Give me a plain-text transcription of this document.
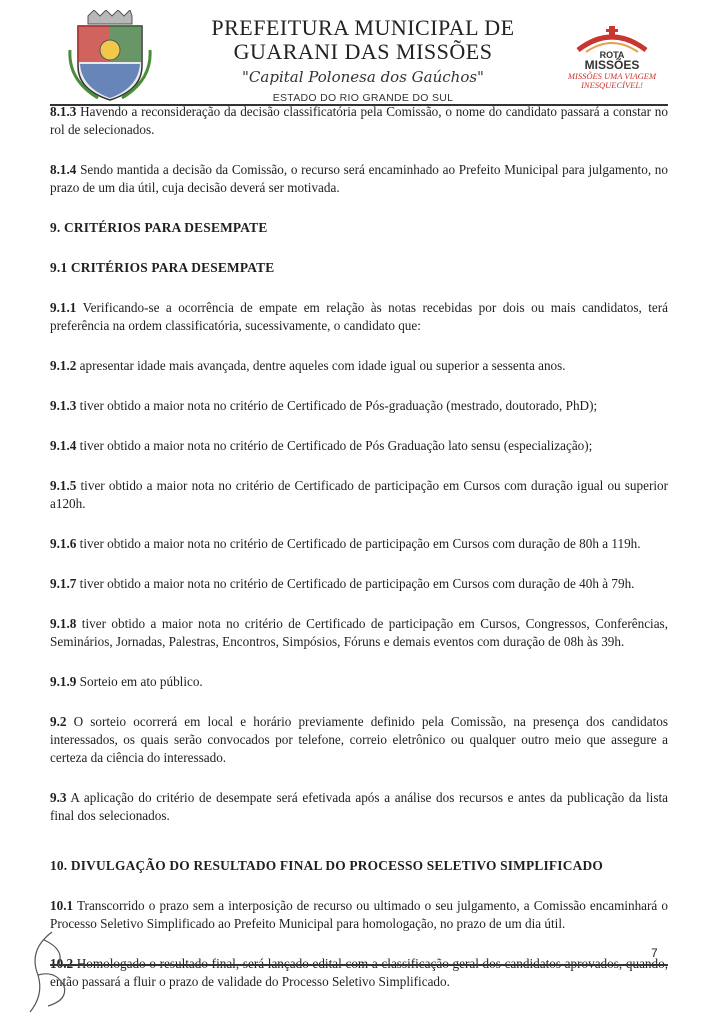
PREFEITURA MUNICIPAL DE
GUARANI DAS MISSÕES
"Capital Polonesa dos Gaúchos"
ESTADO DO RIO GRANDE DO SUL
ROTA
MISSÕES
MISSÕES UMA VIAGEM
INESQUECÍVEL!

8.1.3 Havendo a reconsideração da decisão classificatória pela Comissão, o nome do candidato passará a constar no rol de selecionados.

8.1.4 Sendo mantida a decisão da Comissão, o recurso será encaminhado ao Prefeito Municipal para julgamento, no prazo de um dia útil, cuja decisão deverá ser motivada.

9. CRITÉRIOS PARA DESEMPATE
9.1 CRITÉRIOS PARA DESEMPATE

9.1.1 Verificando-se a ocorrência de empate em relação às notas recebidas por dois ou mais candidatos, terá preferência na ordem classificatória, sucessivamente, o candidato que:

9.1.2 apresentar idade mais avançada, dentre aqueles com idade igual ou superior a sessenta anos.

9.1.3 tiver obtido a maior nota no critério de Certificado de Pós-graduação (mestrado, doutorado, PhD);

9.1.4 tiver obtido a maior nota no critério de Certificado de Pós Graduação lato sensu (especialização);

9.1.5 tiver obtido a maior nota no critério de Certificado de participação em Cursos com duração igual ou superior a120h.

9.1.6 tiver obtido a maior nota no critério de Certificado de participação em Cursos com duração de 80h a 119h.

9.1.7 tiver obtido a maior nota no critério de Certificado de participação em Cursos com duração de 40h à 79h.

9.1.8 tiver obtido a maior nota no critério de Certificado de participação em Cursos, Congressos, Conferências, Seminários, Jornadas, Palestras, Encontros, Simpósios, Fóruns e demais eventos com duração de 08h às 39h.

9.1.9 Sorteio em ato público.

9.2 O sorteio ocorrerá em local e horário previamente definido pela Comissão, na presença dos candidatos interessados, os quais serão convocados por telefone, correio eletrônico ou qualquer outro meio que assegure a certeza da ciência do interessado.

9.3 A aplicação do critério de desempate será efetivada após a análise dos recursos e antes da publicação da lista final dos selecionados.

10. DIVULGAÇÃO DO RESULTADO FINAL DO PROCESSO SELETIVO SIMPLIFICADO

10.1 Transcorrido o prazo sem a interposição de recurso ou ultimado o seu julgamento, a Comissão encaminhará o Processo Seletivo Simplificado ao Prefeito Municipal para homologação, no prazo de um dia útil.

então passará a fluir o prazo de validade do Processo Seletivo Simplificado.

7
